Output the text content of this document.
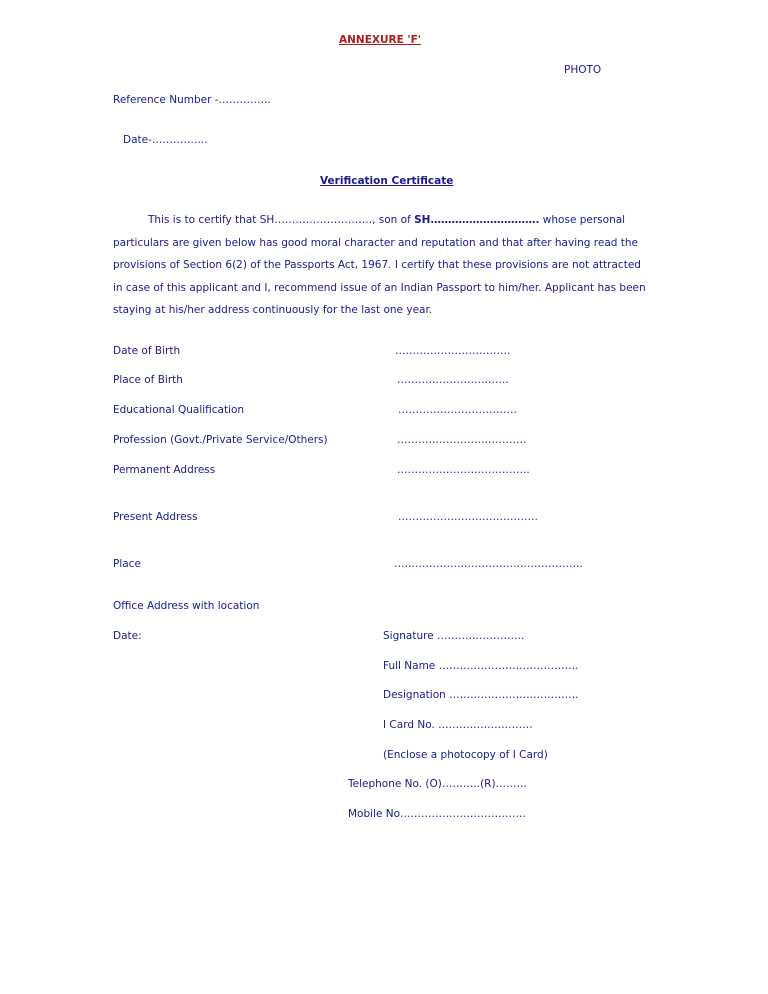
ANNEXURE 'F'
PHOTO
Reference Number -……………
Date-…………….
Verification Certificate
This is to certify that SH………………………., son of SH…………………………. whose personal particulars are given below has good moral character and reputation and that after having read the provisions of Section 6(2) of the Passports Act, 1967. I certify that these provisions are not attracted in case of this applicant and I, recommend issue of an Indian Passport to him/her. Applicant has been staying at his/her address continuously for the last one year.
Date of Birth	……………………………
Place of Birth	…………………………..
Educational Qualification	…………………………….
Profession (Govt./Private Service/Others)	……………………………….
Permanent Address	………………………………..
Present Address	………………………………….
Place	………………………………………………
Office Address with location
Date:	Signature …………………….
Full Name ………………………………….
Designation ……………………………….
I Card No. ………………………
(Enclose a photocopy of I Card)
Telephone No. (O)………..(R)………
Mobile No………………………………
